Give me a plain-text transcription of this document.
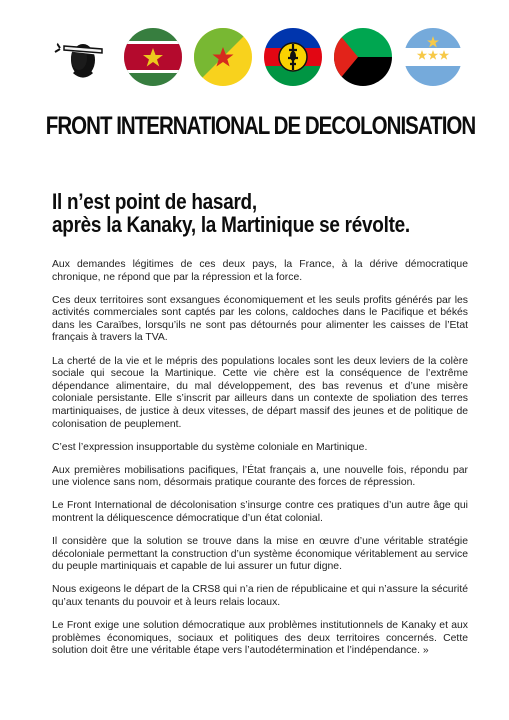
FRONT INTERNATIONAL DE DECOLONISATION
Il n’est point de hasard,
après la Kanaky, la Martinique se révolte.

Aux demandes légitimes de ces deux pays, la France, à la dérive démocratique chronique, ne répond que par la répression et la force.

Ces deux territoires sont exsangues économiquement et les seuls profits générés par les activités commerciales sont captés par les colons, caldoches dans le Pacifique et békés dans les Caraïbes, lorsqu’ils ne sont pas détournés pour alimenter les caisses de l’Etat français à travers la TVA.

La cherté de la vie et le mépris des populations locales sont les deux leviers de la colère sociale qui secoue la Martinique. Cette vie chère est la conséquence de l’extrême dépendance alimentaire, du mal développement, des bas revenus et d’une misère coloniale persistante. Elle s’inscrit par ailleurs dans un contexte de spoliation des terres martiniquaises, de justice à deux vitesses, de départ massif des jeunes et de politique de colonisation de peuplement.

C’est l’expression insupportable du système coloniale en Martinique.

Aux premières mobilisations pacifiques, l’État français a, une nouvelle fois, répondu par une violence sans nom, désormais pratique courante des forces de répression.

Le Front International de décolonisation s’insurge contre ces pratiques d’un autre âge qui montrent la déliquescence démocratique d’un état colonial.

Il considère que la solution se trouve dans la mise en œuvre d’une véritable stratégie décoloniale permettant la construction d’un système économique véritablement au service du peuple martiniquais et capable de lui assurer un futur digne.

Nous exigeons le départ de la CRS8 qui n’a rien de républicaine et qui n’assure la sécurité qu’aux tenants du pouvoir et à leurs relais locaux.

Le Front exige une solution démocratique aux problèmes institutionnels de Kanaky et aux problèmes économiques, sociaux et politiques des deux territoires concernés. Cette solution doit être une véritable étape vers l’autodétermination et l’indépendance. »
